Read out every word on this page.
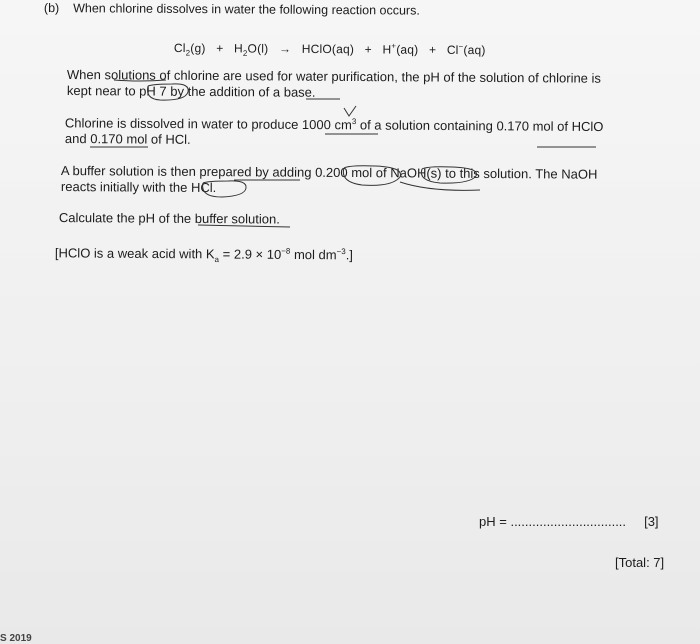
(b) When chlorine dissolves in water the following reaction occurs.
$Cl_2(g) + H_2O(l)$ → HClO(aq) + H+(aq) + Cl−(aq)
When solutions of chlorine are used for water purification, the pH of the solution of chlorine is
kept near to pH 7 by the addition of a base.
Chlorine is dissolved in water to produce 1000 $cm^3$ of a solution containing 0.170 mol of HClO
and 0.170 mol of HCl.
A buffer solution is then prepared by adding 0.200 mol of NaOH(s) to this solution. The NaOH
reacts initially with the HCl.
Calculate the pH of the buffer solution.
[HClO is a weak acid with $K_a = 2.9 \times 10^{-8}$ mol $dm^{-3}$.]
pH = ................................ [3]
[Total: 7]
S 2019
